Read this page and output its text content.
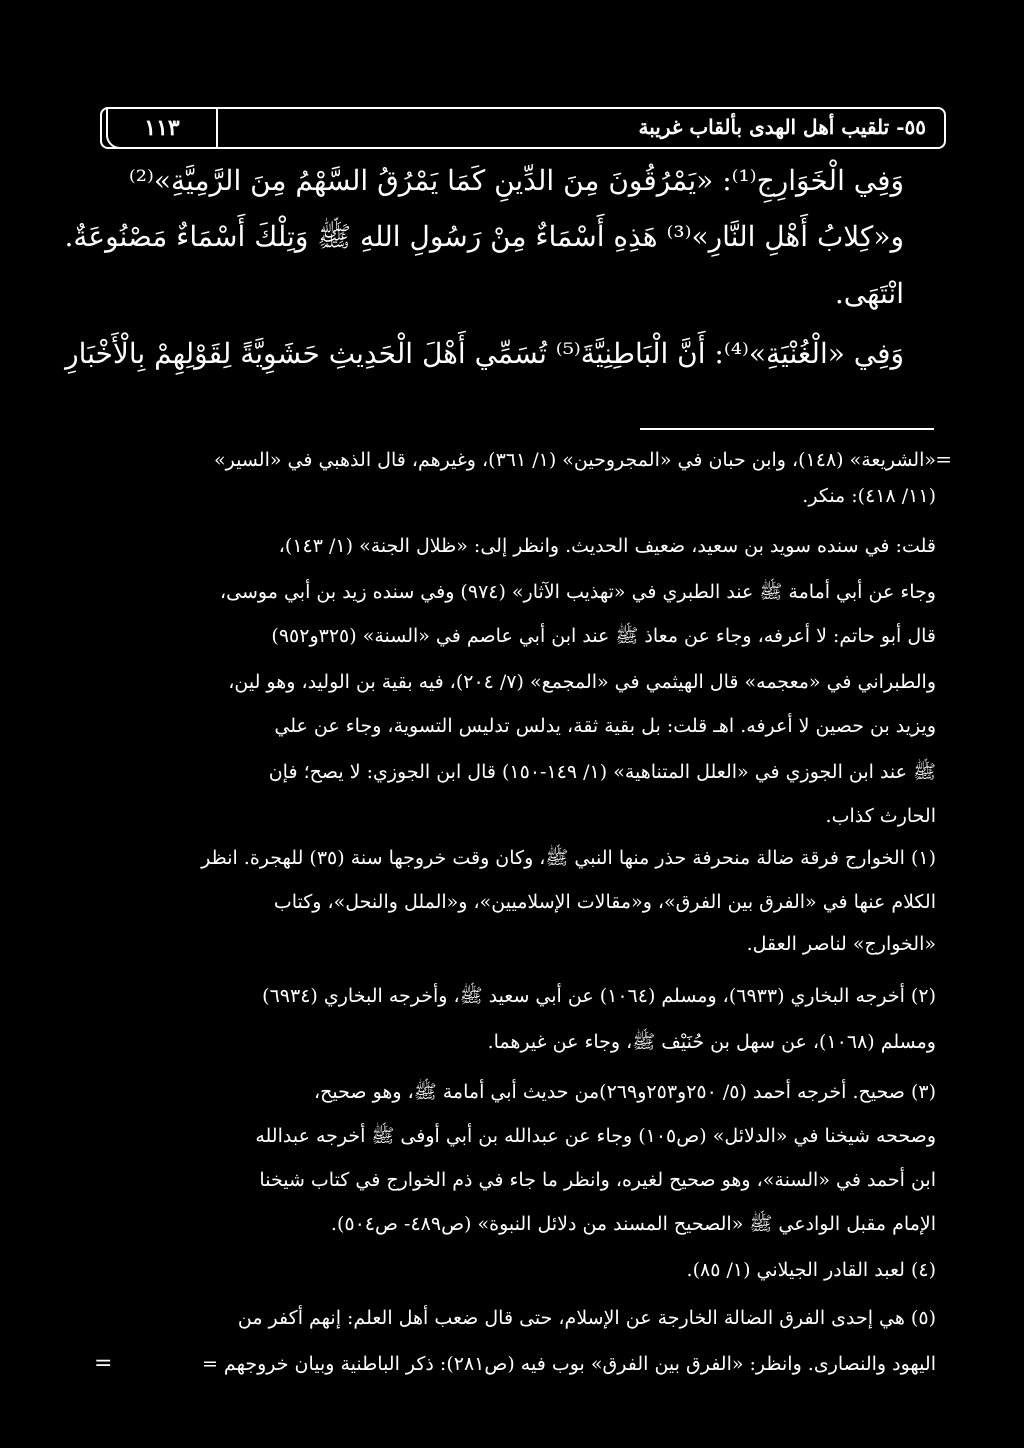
١١٣	٥٥- تلقيب أهل الهدى بألقاب غريبة
وَفِي الْخَوَارِجِ⁽¹⁾: «يَمْرُقُونَ مِنَ الدِّينِ كَمَا يَمْرُقُ السَّهْمُ مِنَ الرَّمِيَّةِ»⁽²⁾
و«كِلابُ أَهْلِ النَّارِ»⁽³⁾ هَذِهِ أَسْمَاءٌ مِنْ رَسُولِ اللهِ ﷺ وَتِلْكَ أَسْمَاءٌ مَصْنُوعَةٌ.
انْتَهَى.
وَفِي «الْغُنْيَةِ»⁽⁴⁾: أَنَّ الْبَاطِنِيَّةَ⁽⁵⁾ تُسَمِّي أَهْلَ الْحَدِيثِ حَشَوِيَّةً لِقَوْلِهِمْ بِالْأَخْبَارِ
=
«الشريعة» (١٤٨)، وابن حبان في «المجروحين» (١/ ٣٦١)، وغيرهم، قال الذهبي في «السير»
(١١/ ٤١٨): منكر.
قلت: في سنده سويد بن سعيد، ضعيف الحديث. وانظر إلى: «ظلال الجنة» (١/ ١٤٣)،
وجاء عن أبي أمامة ﷺ عند الطبري في «تهذيب الآثار» (٩٧٤) وفي سنده زيد بن أبي موسى،
قال أبو حاتم: لا أعرفه، وجاء عن معاذ ﷺ عند ابن أبي عاصم في «السنة» (٣٢٥و٩٥٢)
والطبراني في «معجمه» قال الهيثمي في «المجمع» (٧/ ٢٠٤)، فيه بقية بن الوليد، وهو لين،
ويزيد بن حصين لا أعرفه. اهـ قلت: بل بقية ثقة، يدلس تدليس التسوية، وجاء عن علي
ﷺ عند ابن الجوزي في «العلل المتناهية» (١/ ١٤٩-١٥٠) قال ابن الجوزي: لا يصح؛ فإن
الحارث كذاب.
(١) الخوارج فرقة ضالة منحرفة حذر منها النبي ﷺ، وكان وقت خروجها سنة (٣٥) للهجرة. انظر
الكلام عنها في «الفرق بين الفرق»، و«مقالات الإسلاميين»، و«الملل والنحل»، وكتاب
«الخوارج» لناصر العقل.
(٢) أخرجه البخاري (٦٩٣٣)، ومسلم (١٠٦٤) عن أبي سعيد ﷺ، وأخرجه البخاري (٦٩٣٤)
ومسلم (١٠٦٨)، عن سهل بن حُنَيْف ﷺ، وجاء عن غيرهما.
(٣) صحيح. أخرجه أحمد (٥/ ٢٥٠و٢٥٣و٢٦٩)من حديث أبي أمامة ﷺ، وهو صحيح،
وصححه شيخنا في «الدلائل» (ص١٠٥) وجاء عن عبدالله بن أبي أوفى ﷺ أخرجه عبدالله
ابن أحمد في «السنة»، وهو صحيح لغيره، وانظر ما جاء في ذم الخوارج في كتاب شيخنا
الإمام مقبل الوادعي ﷺ «الصحيح المسند من دلائل النبوة» (ص٤٨٩- ص٥٠٤).
(٤) لعبد القادر الجيلاني (١/ ٨٥).
(٥) هي إحدى الفرق الضالة الخارجة عن الإسلام، حتى قال ضعب أهل العلم: إنهم أكفر من
اليهود والنصارى. وانظر: «الفرق بين الفرق» بوب فيه (ص٢٨١): ذكر الباطنية وبيان خروجهم =
=
